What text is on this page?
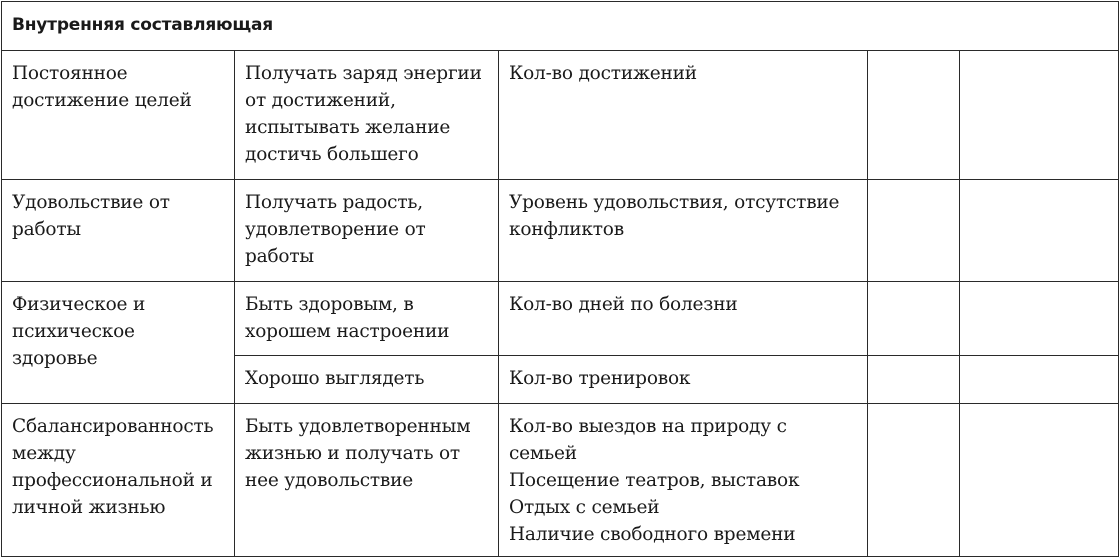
Внутренняя составляющая				
Постоянное достижение целей	Получать заряд энергии от достижений, испытывать желание достичь большего	Кол-во достижений		

Удовольствие от работы	Получать радость, удовлетворение от работы	Уровень удовольствия, отсутствие конфликтов		
Физическое и психическое здоровье	Быть здоровым, в хорошем настроении	Кол-во дней по болезни		

	Хорошо выглядеть	Кол-во тренировок		

Сбалансированность между профессиональной и личной жизнью	Быть удовлетворенным жизнью и получать от нее удовольствие	Кол-во выездов на природу с семьей
Посещение театров, выставок
Отдых с семьей
Наличие свободного времени		
